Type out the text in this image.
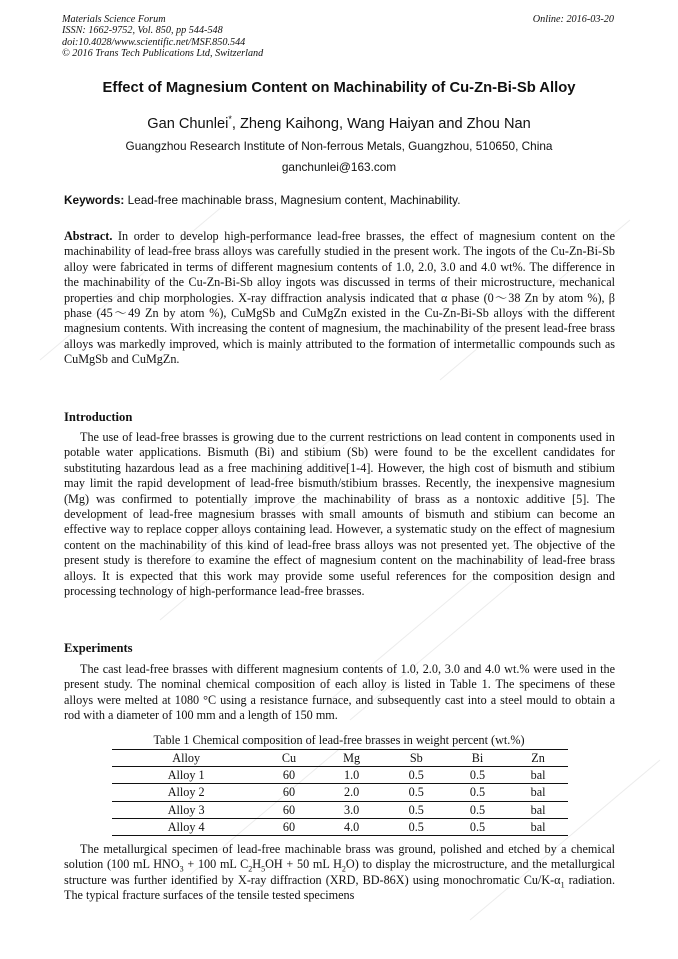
Materials Science Forum
ISSN: 1662-9752, Vol. 850, pp 544-548
doi:10.4028/www.scientific.net/MSF.850.544
© 2016 Trans Tech Publications Ltd, Switzerland
Online: 2016-03-20
Effect of Magnesium Content on Machinability of Cu-Zn-Bi-Sb Alloy
Gan Chunlei*, Zheng Kaihong, Wang Haiyan and Zhou Nan
Guangzhou Research Institute of Non-ferrous Metals, Guangzhou, 510650, China
ganchunlei@163.com
Keywords: Lead-free machinable brass, Magnesium content, Machinability.
Abstract. In order to develop high-performance lead-free brasses, the effect of magnesium content on the machinability of lead-free brass alloys was carefully studied in the present work. The ingots of the Cu-Zn-Bi-Sb alloy were fabricated in terms of different magnesium contents of 1.0, 2.0, 3.0 and 4.0 wt%. The difference in the machinability of the Cu-Zn-Bi-Sb alloy ingots was discussed in terms of their microstructure, mechanical properties and chip morphologies. X-ray diffraction analysis indicated that α phase (0～38 Zn by atom %), β phase (45～49 Zn by atom %), CuMgSb and CuMgZn existed in the Cu-Zn-Bi-Sb alloys with the different magnesium contents. With increasing the content of magnesium, the machinability of the present lead-free brass alloys was markedly improved, which is mainly attributed to the formation of intermetallic compounds such as CuMgSb and CuMgZn.
Introduction
The use of lead-free brasses is growing due to the current restrictions on lead content in components used in potable water applications. Bismuth (Bi) and stibium (Sb) were found to be the excellent candidates for substituting hazardous lead as a free machining additive[1-4]. However, the high cost of bismuth and stibium may limit the rapid development of lead-free bismuth/stibium brasses. Recently, the inexpensive magnesium (Mg) was confirmed to potentially improve the machinability of brass as a nontoxic additive [5]. The development of lead-free magnesium brasses with small amounts of bismuth and stibium can become an effective way to replace copper alloys containing lead. However, a systematic study on the effect of magnesium content on the machinability of this kind of lead-free brass alloys was not presented yet. The objective of the present study is therefore to examine the effect of magnesium content on the machinability of lead-free brass alloys. It is expected that this work may provide some useful references for the composition design and processing technology of high-performance lead-free brasses.
Experiments
The cast lead-free brasses with different magnesium contents of 1.0, 2.0, 3.0 and 4.0 wt.% were used in the present study. The nominal chemical composition of each alloy is listed in Table 1. The specimens of these alloys were melted at 1080 °C using a resistance furnace, and subsequently cast into a steel mould to obtain a rod with a diameter of 100 mm and a length of 150 mm.
Table 1 Chemical composition of lead-free brasses in weight percent (wt.%)
Alloy	Cu	Mg	Sb	Bi	Zn
Alloy 1	60	1.0	0.5	0.5	bal
Alloy 2	60	2.0	0.5	0.5	bal
Alloy 3	60	3.0	0.5	0.5	bal
Alloy 4	60	4.0	0.5	0.5	bal
The metallurgical specimen of lead-free machinable brass was ground, polished and etched by a chemical solution (100 mL $HNO_3 + 100$ mL $C_2H_5OH + 50$ mL $H_2O$) to display the microstructure, and the metallurgical structure was further identified by X-ray diffraction (XRD, BD-86X) using monochromatic $Cu/K-\alpha_1$ radiation. The typical fracture surfaces of the tensile tested specimens
